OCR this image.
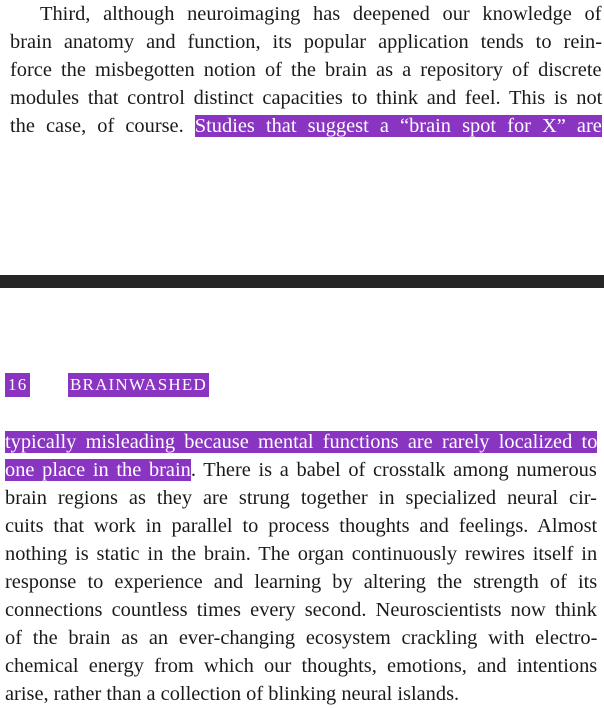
Third, although neuroimaging has deepened our knowledge of

brain anatomy and function, its popular application tends to rein-

force the misbegotten notion of the brain as a repository of discrete

modules that control distinct capacities to think and feel. This is not

the case, of course. Studies that suggest a “brain spot for X” are

16	BRAINWASHED

typically misleading because mental functions are rarely localized to

one place in the brain. There is a babel of crosstalk among numerous

brain regions as they are strung together in specialized neural cir-

cuits that work in parallel to process thoughts and feelings. Almost

nothing is static in the brain. The organ continuously rewires itself in

response to experience and learning by altering the strength of its

connections countless times every second. Neuroscientists now think

of the brain as an ever-changing ecosystem crackling with electro-

chemical energy from which our thoughts, emotions, and intentions

arise, rather than a collection of blinking neural islands.
